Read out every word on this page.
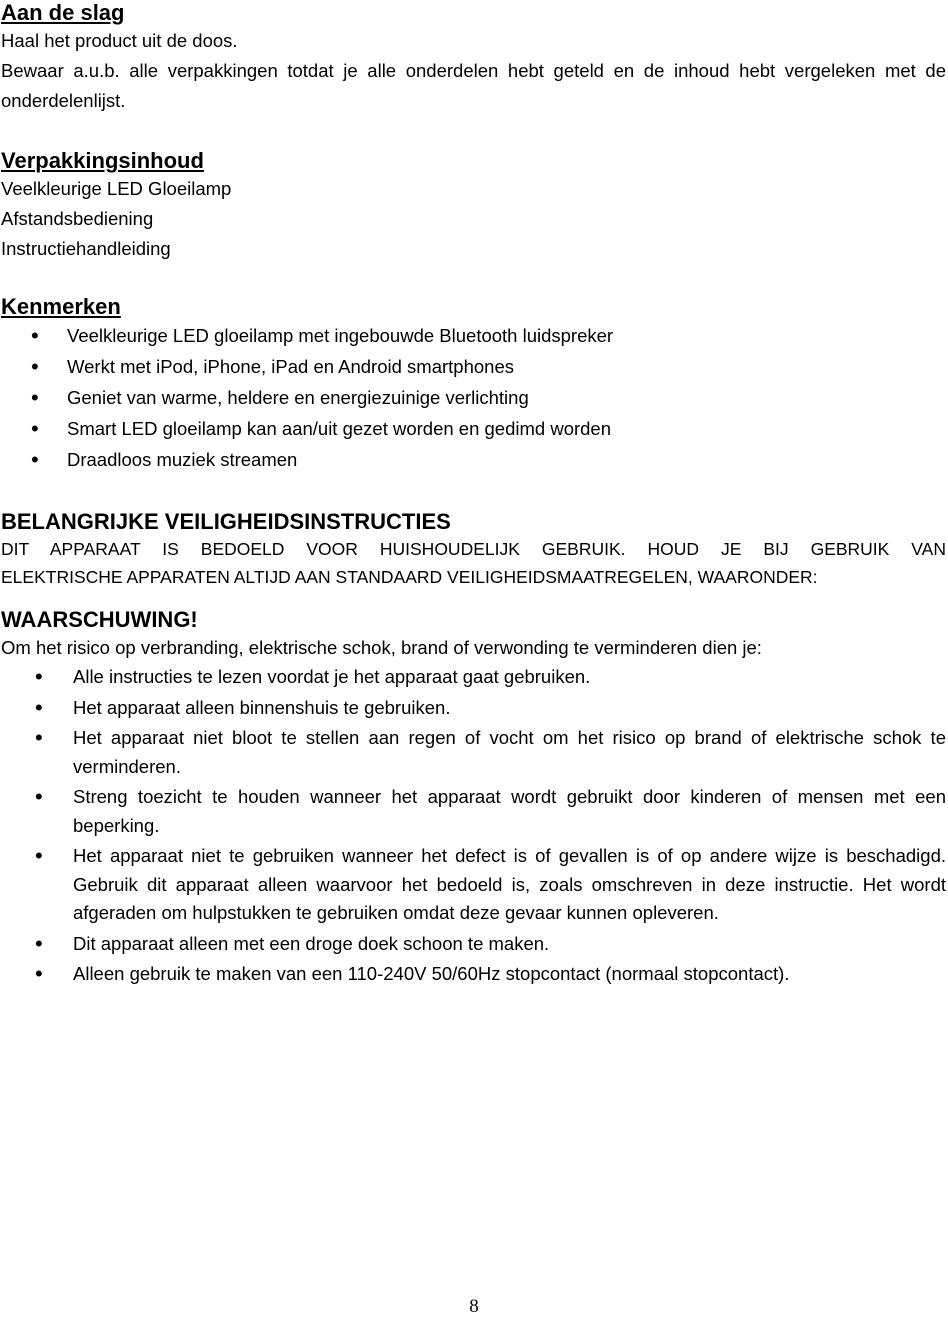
Aan de slag

Haal het product uit de doos.

Bewaar a.u.b. alle verpakkingen totdat je alle onderdelen hebt geteld en de inhoud hebt vergeleken met de onderdelenlijst.

Verpakkingsinhoud

Veelkleurige LED Gloeilamp

Afstandsbediening

Instructiehandleiding

Kenmerken
• Veelkleurige LED gloeilamp met ingebouwde Bluetooth luidspreker
• Werkt met iPod, iPhone, iPad en Android smartphones
• Geniet van warme, heldere en energiezuinige verlichting
• Smart LED gloeilamp kan aan/uit gezet worden en gedimd worden
• Draadloos muziek streamen
BELANGRIJKE VEILIGHEIDSINSTRUCTIES

DIT APPARAAT IS BEDOELD VOOR HUISHOUDELIJK GEBRUIK. HOUD JE BIJ GEBRUIK VAN

ELEKTRISCHE APPARATEN ALTIJD AAN STANDAARD VEILIGHEIDSMAATREGELEN, WAARONDER:

WAARSCHUWING!

Om het risico op verbranding, elektrische schok, brand of verwonding te verminderen dien je:

• Alle instructies te lezen voordat je het apparaat gaat gebruiken.
• Het apparaat alleen binnenshuis te gebruiken.
• Het apparaat niet bloot te stellen aan regen of vocht om het risico op brand of elektrische schok te verminderen.
• Streng toezicht te houden wanneer het apparaat wordt gebruikt door kinderen of mensen met een beperking.
• Het apparaat niet te gebruiken wanneer het defect is of gevallen is of op andere wijze is beschadigd. Gebruik dit apparaat alleen waarvoor het bedoeld is, zoals omschreven in deze instructie. Het wordt afgeraden om hulpstukken te gebruiken omdat deze gevaar kunnen opleveren.
• Dit apparaat alleen met een droge doek schoon te maken.
• Alleen gebruik te maken van een 110-240V 50/60Hz stopcontact (normaal stopcontact).
8
